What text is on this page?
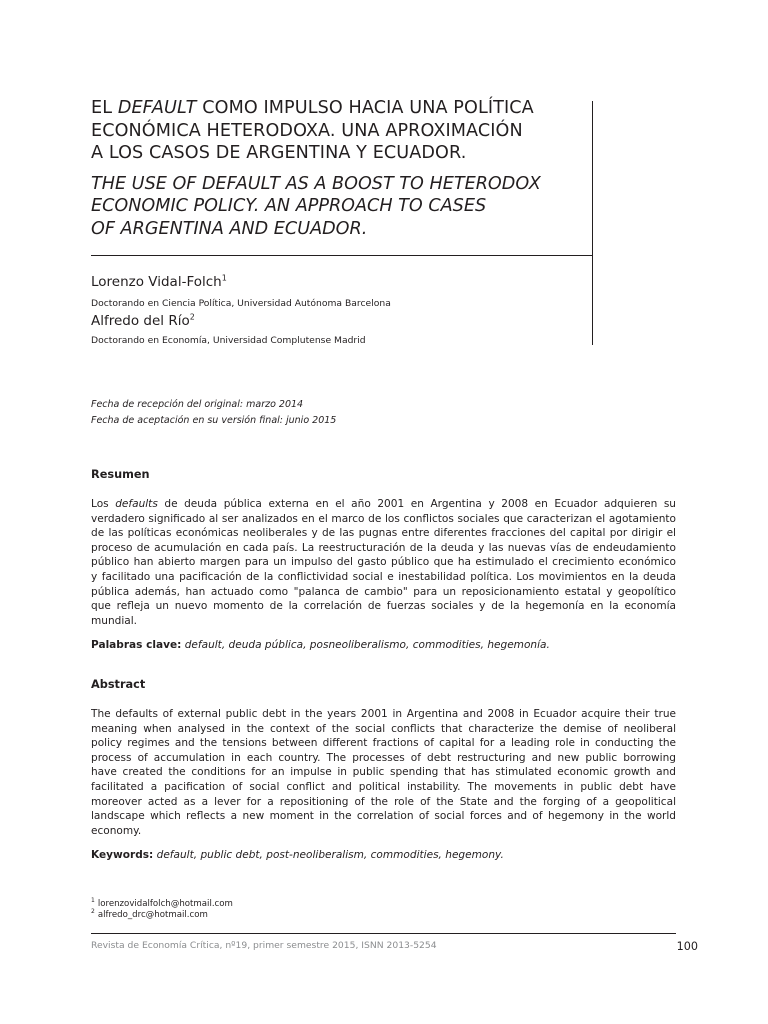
EL DEFAULT COMO IMPULSO HACIA UNA POLÍTICA
ECONÓMICA HETERODOXA. UNA APROXIMACIÓN
A LOS CASOS DE ARGENTINA Y ECUADOR.
THE USE OF DEFAULT AS A BOOST TO HETERODOX
ECONOMIC POLICY. AN APPROACH TO CASES
OF ARGENTINA AND ECUADOR.
Lorenzo Vidal-Folch$^1$
Doctorando en Ciencia Política, Universidad Autónoma Barcelona
Alfredo del Río$^2$
Doctorando en Economía, Universidad Complutense Madrid
Fecha de recepción del original: marzo 2014
Fecha de aceptación en su versión final: junio 2015
Resumen
Los defaults de deuda pública externa en el año 2001 en Argentina y 2008 en Ecuador adquieren su
verdadero significado al ser analizados en el marco de los conflictos sociales que caracterizan el agotamiento
de las políticas económicas neoliberales y de las pugnas entre diferentes fracciones del capital por dirigir el
proceso de acumulación en cada país. La reestructuración de la deuda y las nuevas vías de endeudamiento
público han abierto margen para un impulso del gasto público que ha estimulado el crecimiento económico
y facilitado una pacificación de la conflictividad social e inestabilidad política. Los movimientos en la deuda
pública además, han actuado como "palanca de cambio" para un reposicionamiento estatal y geopolítico
que refleja un nuevo momento de la correlación de fuerzas sociales y de la hegemonía en la economía
mundial.
Palabras clave: default, deuda pública, posneoliberalismo, commodities, hegemonía.
Abstract
The defaults of external public debt in the years 2001 in Argentina and 2008 in Ecuador acquire their true
meaning when analysed in the context of the social conflicts that characterize the demise of neoliberal
policy regimes and the tensions between different fractions of capital for a leading role in conducting the
process of accumulation in each country. The processes of debt restructuring and new public borrowing
have created the conditions for an impulse in public spending that has stimulated economic growth and
facilitated a pacification of social conflict and political instability. The movements in public debt have
moreover acted as a lever for a repositioning of the role of the State and the forging of a geopolitical
landscape which reflects a new moment in the correlation of social forces and of hegemony in the world
economy.
Keywords: default, public debt, post-neoliberalism, commodities, hegemony.
$^1$ lorenzovidalfolch@hotmail.com
$^2$ alfredo_drc@hotmail.com
Revista de Economía Crítica, nº19, primer semestre 2015, ISNN 2013-5254	100
